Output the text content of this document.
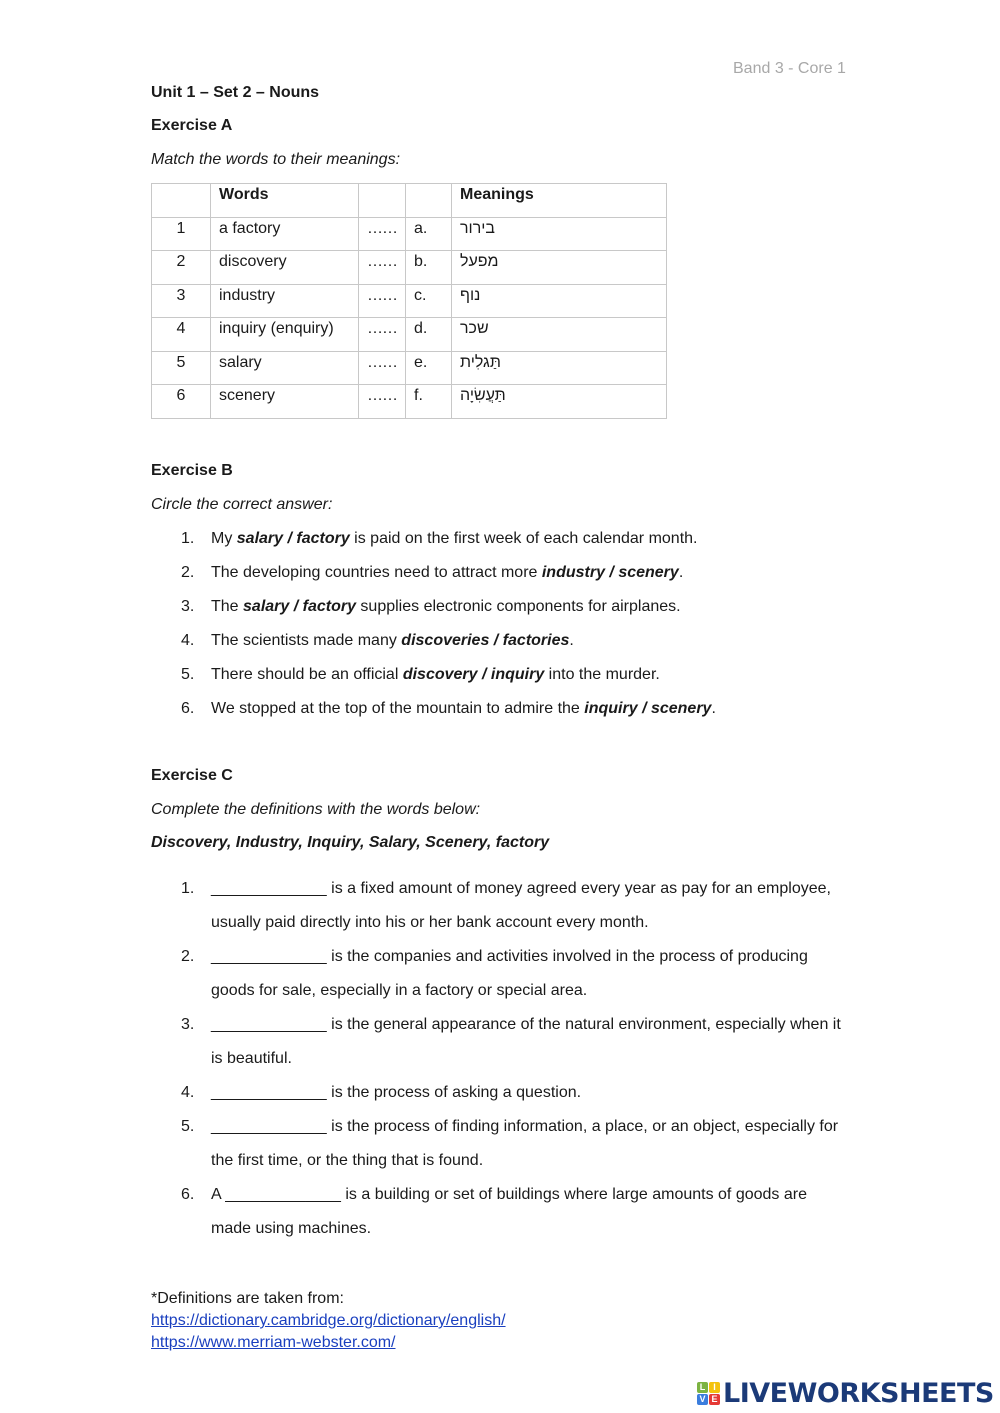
Band 3 - Core 1
Unit 1 – Set 2 – Nouns
Exercise A
Match the words to their meanings:
	Words			Meanings
1	a factory	……	a.	בירור
2	discovery	……	b.	מפעל
3	industry	……	c.	נוף
4	inquiry (enquiry)	……	d.	שכר
5	salary	……	e.	תַּגלִית
6	scenery	……	f.	תַּעֲשִׂיָה
Exercise B
Circle the correct answer:
1. My salary / factory is paid on the first week of each calendar month.
2. The developing countries need to attract more industry / scenery.
3. The salary / factory supplies electronic components for airplanes.
4. The scientists made many discoveries / factories.
5. There should be an official discovery / inquiry into the murder.
6. We stopped at the top of the mountain to admire the inquiry / scenery.
Exercise C
Complete the definitions with the words below:
Discovery, Industry, Inquiry, Salary, Scenery, factory
1. _____________ is a fixed amount of money agreed every year as pay for an employee, usually paid directly into his or her bank account every month.
2. _____________ is the companies and activities involved in the process of producing goods for sale, especially in a factory or special area.
3. _____________ is the general appearance of the natural environment, especially when it is beautiful.
4. _____________ is the process of asking a question.
5. _____________ is the process of finding information, a place, or an object, especially for the first time, or the thing that is found.
6. A _____________ is a building or set of buildings where large amounts of goods are made using machines.
*Definitions are taken from:
https://dictionary.cambridge.org/dictionary/english/
https://www.merriam-webster.com/
L I
V E LIVEWORKSHEETS
